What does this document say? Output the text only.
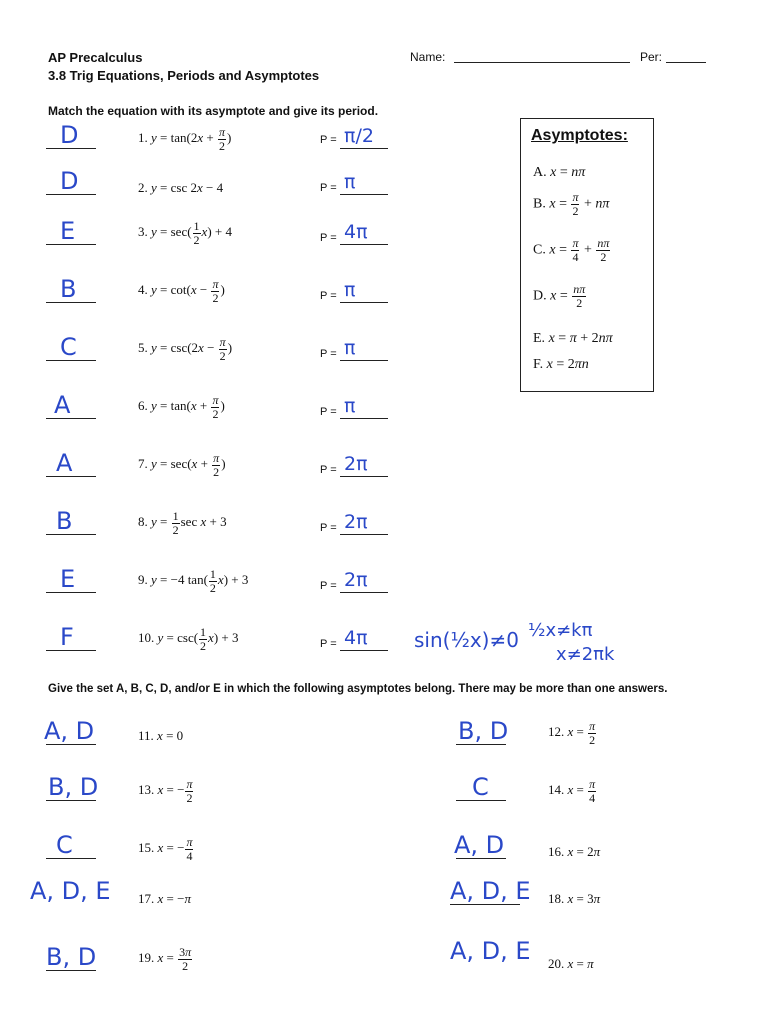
AP Precalculus
3.8 Trig Equations, Periods and Asymptotes
Name:	Per:
Match the equation with its asymptote and give its period.
D	1. $y = \tan(2x + \frac{\pi}{2}$ )	P = π/2
D	2. y = csc 2x − 4	P = π
E	3. $y = \sec( \frac{1}{2} x) + 4$	P = 4π
B	4. $y = \cot(x - \frac{\pi}{2}$ )	P = π
C	5. $y = \csc(2x - \frac{\pi}{2}$ )	P = π
A	6. $y = \tan(x + \frac{\pi}{2}$ )	P = π
A	7. $y = \sec(x + \frac{\pi}{2}$ )	P = 2π
B	8. $y = \frac{1}{2}$ sec x + 3	P = 2π
E	9. y = −4 $\tan( \frac{1}{2} x) + 3$	P = 2π
F	10. $y = \csc( \frac{1}{2} x) + 3$	P = 4π sin(½x)≠0 ½x≠kπ
x≠2πk
Asymptotes:
A. x = nπ
B. $x = \frac{\pi}{2} + n\pi$
C. $x = \frac{\pi}{4} + \frac{n\pi}{2}$
D. $x = \frac{n\pi}{2}$
E. x = π + 2nπ
F. x = 2πn
Give the set A, B, C, D, and/or E in which the following asymptotes belong. There may be more than one answers.
A, D	11. x = 0
B, D	13. x = − $\frac{\pi}{2}$
C	15. x = − $\frac{\pi}{4}$
A, D, E 17. x = −π
B, D	19. $x = \frac{3\pi}{2}$
B, D	12. $x = \frac{\pi}{2}$
C	14. $x = \frac{\pi}{4}$
A, D	16. x = 2π
A, D, E 18. x = 3π
A, D, E 20. x = π
